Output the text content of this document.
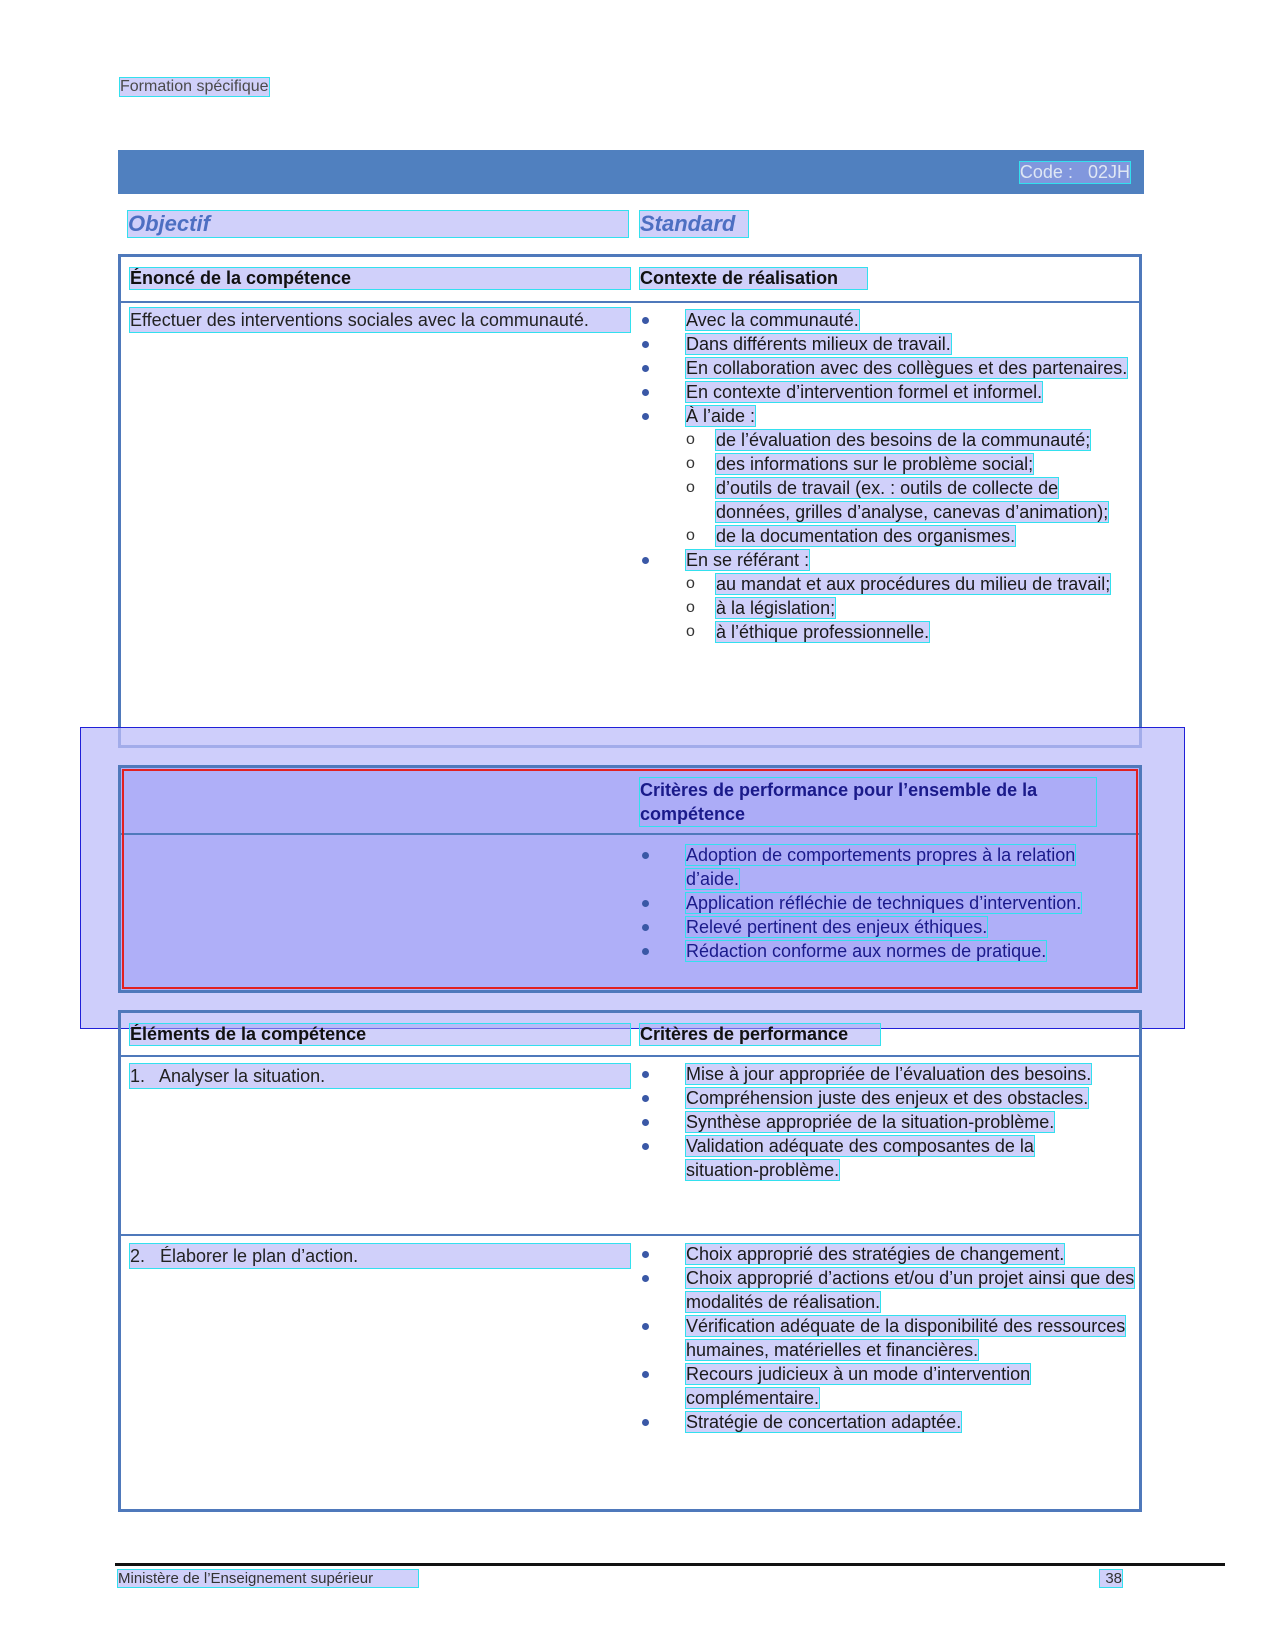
Formation spécifique
Code : 02JH
Objectif	Standard
Énoncé de la compétence	Contexte de réalisation
Effectuer des interventions sociales avec la communauté.	Avec la communauté.
Dans différents milieux de travail.
En collaboration avec des collègues et des partenaires.
En contexte d’intervention formel et informel.
À l’aide :
o de l’évaluation des besoins de la communauté;
o des informations sur le problème social;
o d’outils de travail (ex. : outils de collecte de données, grilles d’analyse, canevas d’animation);
o de la documentation des organismes.
En se référant :
o au mandat et aux procédures du milieu de travail;
o à la législation;
o à l’éthique professionnelle.
Critères de performance pour l’ensemble de la compétence
Adoption de comportements propres à la relation d’aide.
Application réfléchie de techniques d’intervention.
Relevé pertinent des enjeux éthiques.
Rédaction conforme aux normes de pratique.
Éléments de la compétence	Critères de performance
1.   Analyser la situation.	Mise à jour appropriée de l’évaluation des besoins.
Compréhension juste des enjeux et des obstacles.
Synthèse appropriée de la situation-problème.
Validation adéquate des composantes de la situation-problème.
2.   Élaborer le plan d’action.	Choix approprié des stratégies de changement.
Choix approprié d’actions et/ou d’un projet ainsi que des modalités de réalisation.
Vérification adéquate de la disponibilité des ressources humaines, matérielles et financières.
Recours judicieux à un mode d’intervention complémentaire.
Stratégie de concertation adaptée.
Ministère de l’Enseignement supérieur	38
